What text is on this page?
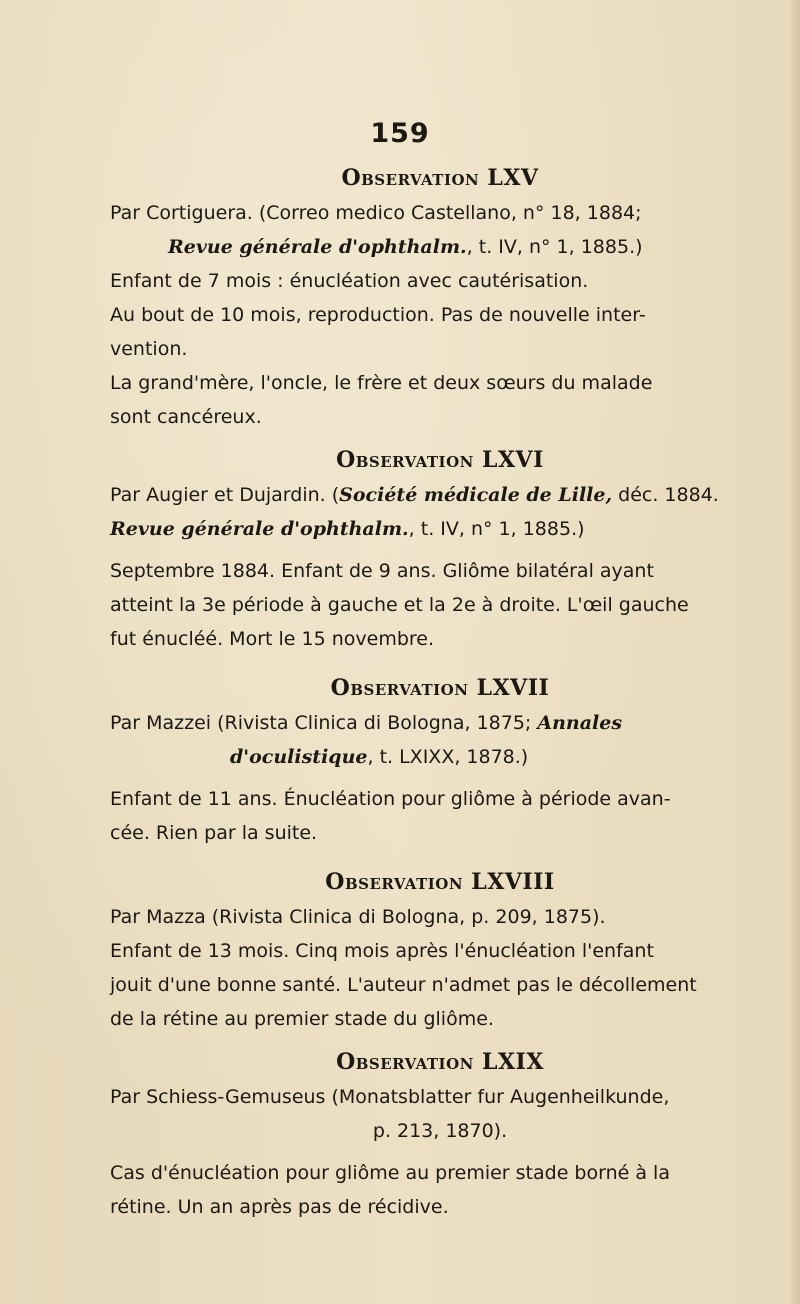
159
Observation LXV

Par Cortiguera. (Correo medico Castellano, n° 18, 1884;

Revue générale d'ophthalm., t. IV, n° 1, 1885.)

Enfant de 7 mois : énucléation avec cautérisation.

Au bout de 10 mois, reproduction. Pas de nouvelle inter-

vention.

La grand'mère, l'oncle, le frère et deux sœurs du malade

sont cancéreux.

Observation LXVI

Par Augier et Dujardin. (Société médicale de Lille, déc. 1884.

Revue générale d'ophthalm., t. IV, n° 1, 1885.)

Septembre 1884. Enfant de 9 ans. Gliôme bilatéral ayant

atteint la 3e période à gauche et la 2e à droite. L'œil gauche

fut énucléé. Mort le 15 novembre.

Observation LXVII

Par Mazzei (Rivista Clinica di Bologna, 1875; Annales

d'oculistique, t. LXIXX, 1878.)

Enfant de 11 ans. Énucléation pour gliôme à période avan-

cée. Rien par la suite.

Observation LXVIII

Par Mazza (Rivista Clinica di Bologna, p. 209, 1875).

Enfant de 13 mois. Cinq mois après l'énucléation l'enfant

jouit d'une bonne santé. L'auteur n'admet pas le décollement

de la rétine au premier stade du gliôme.

Observation LXIX

Par Schiess-Gemuseus (Monatsblatter fur Augenheilkunde,

p. 213, 1870).

Cas d'énucléation pour gliôme au premier stade borné à la

rétine. Un an après pas de récidive.
